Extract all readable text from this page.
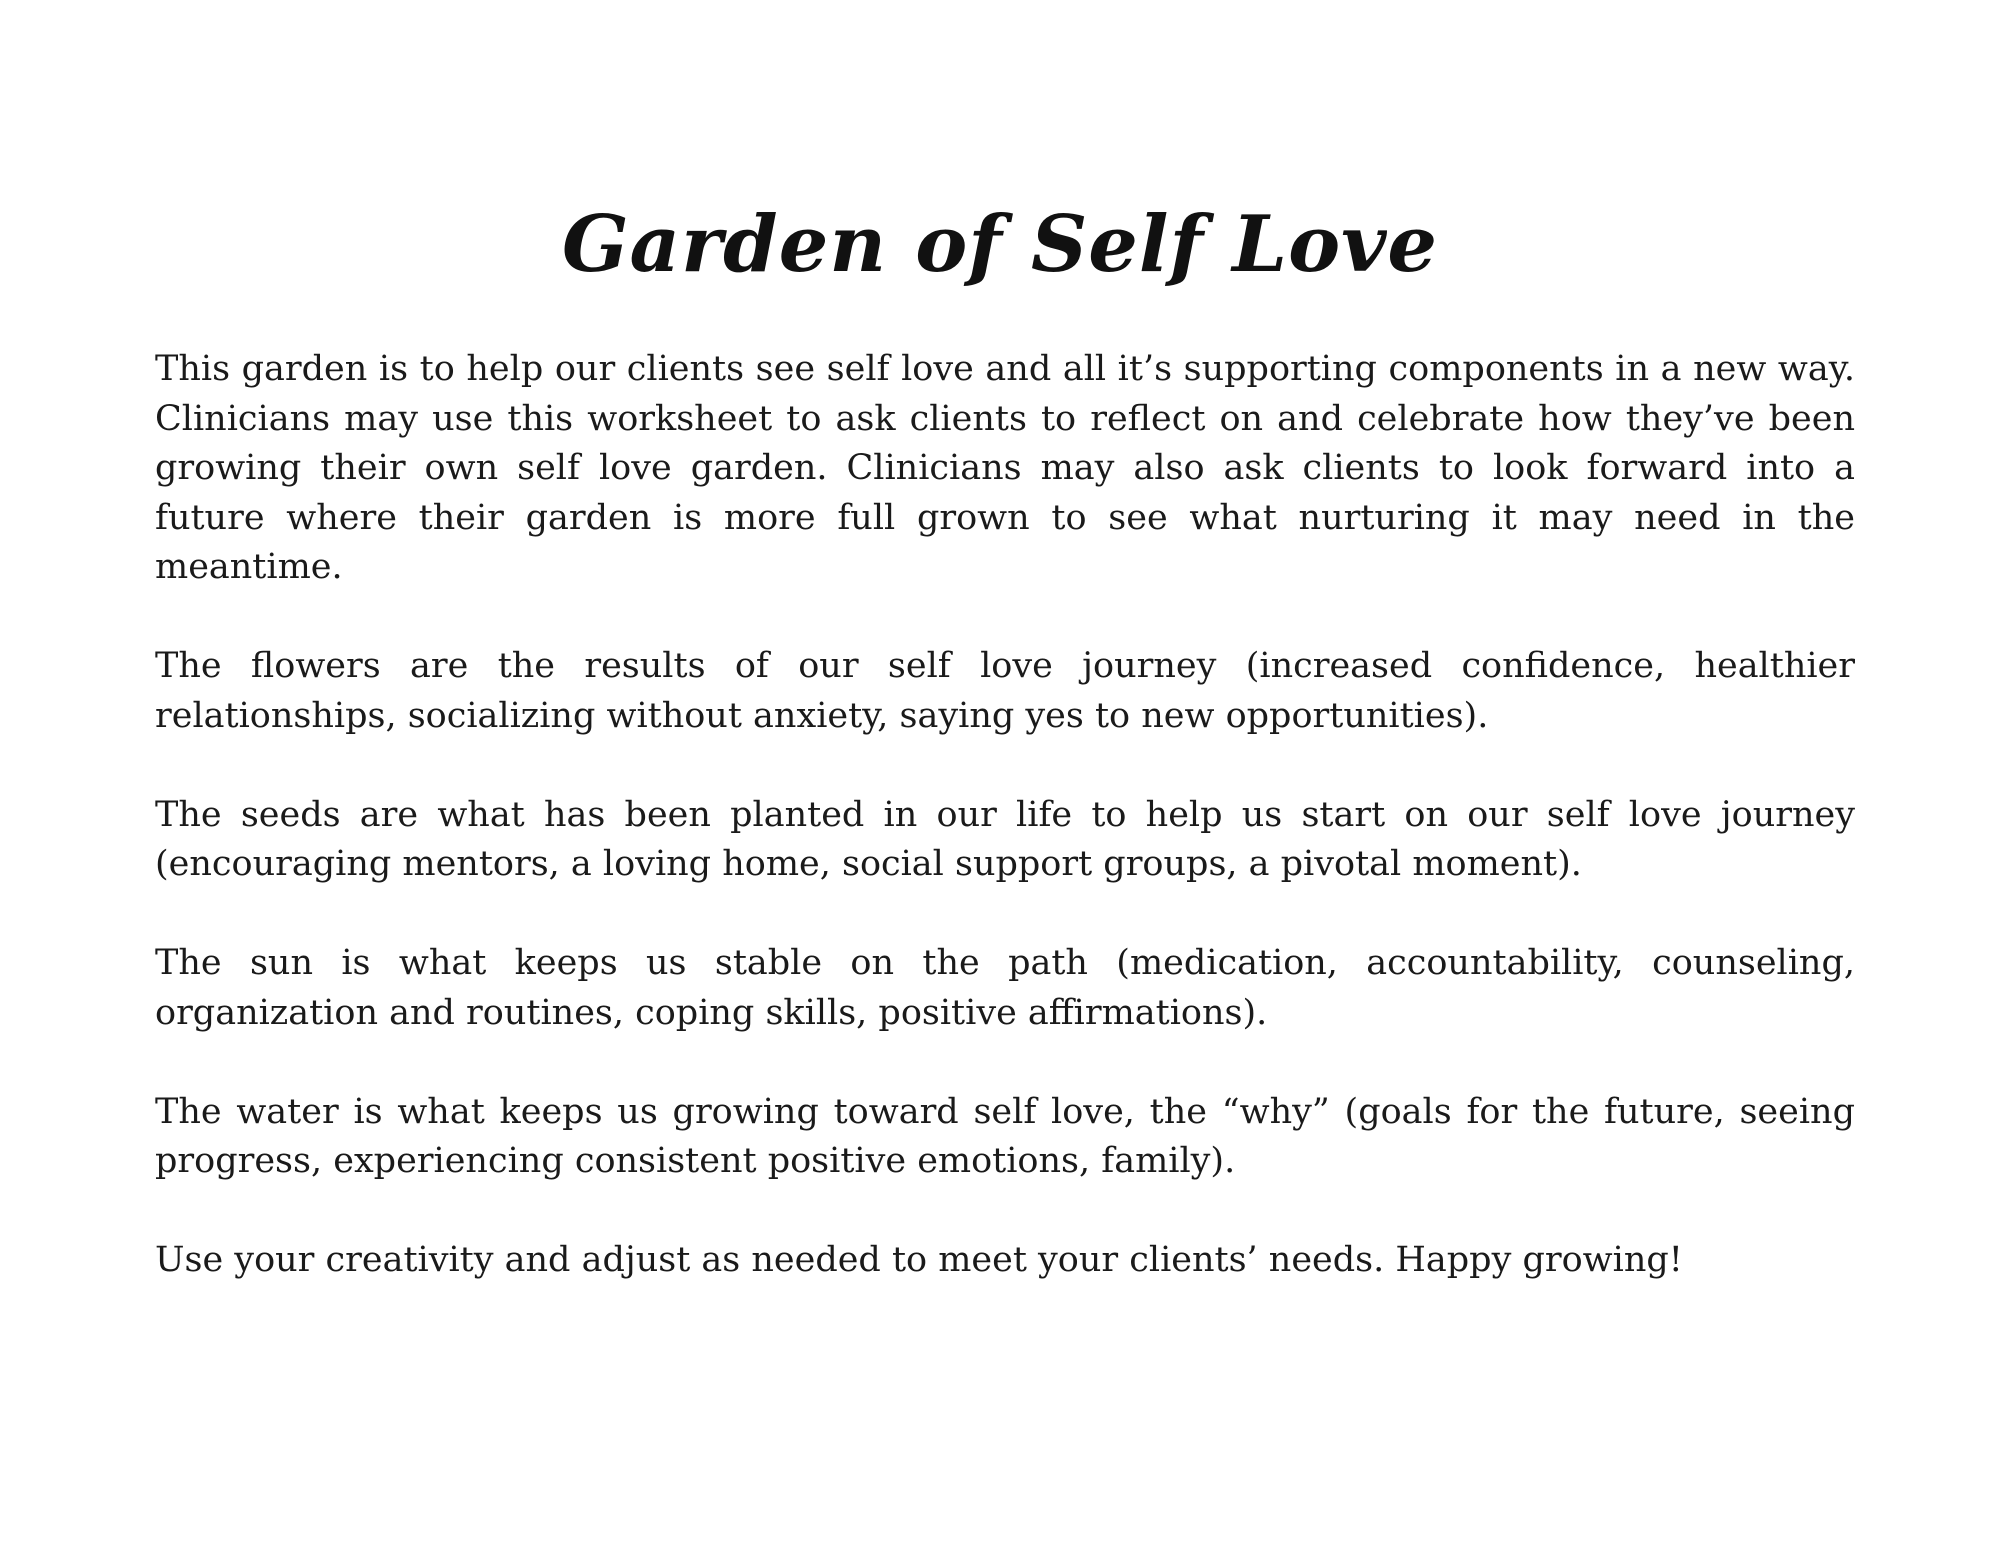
Garden of Self Love

This garden is to help our clients see self love and all it’s supporting components in a new way. Clinicians may use this worksheet to ask clients to reflect on and celebrate how they’ve been growing their own self love garden. Clinicians may also ask clients to look forward into a future where their garden is more full grown to see what nurturing it may need in the meantime.

The flowers are the results of our self love journey (increased confidence, healthier relationships, socializing without anxiety, saying yes to new opportunities).

The seeds are what has been planted in our life to help us start on our self love journey (encouraging mentors, a loving home, social support groups, a pivotal moment).

The sun is what keeps us stable on the path (medication, accountability, counseling, organization and routines, coping skills, positive affirmations).

The water is what keeps us growing toward self love, the “why” (goals for the future, seeing progress, experiencing consistent positive emotions, family).

Use your creativity and adjust as needed to meet your clients’ needs. Happy growing!
